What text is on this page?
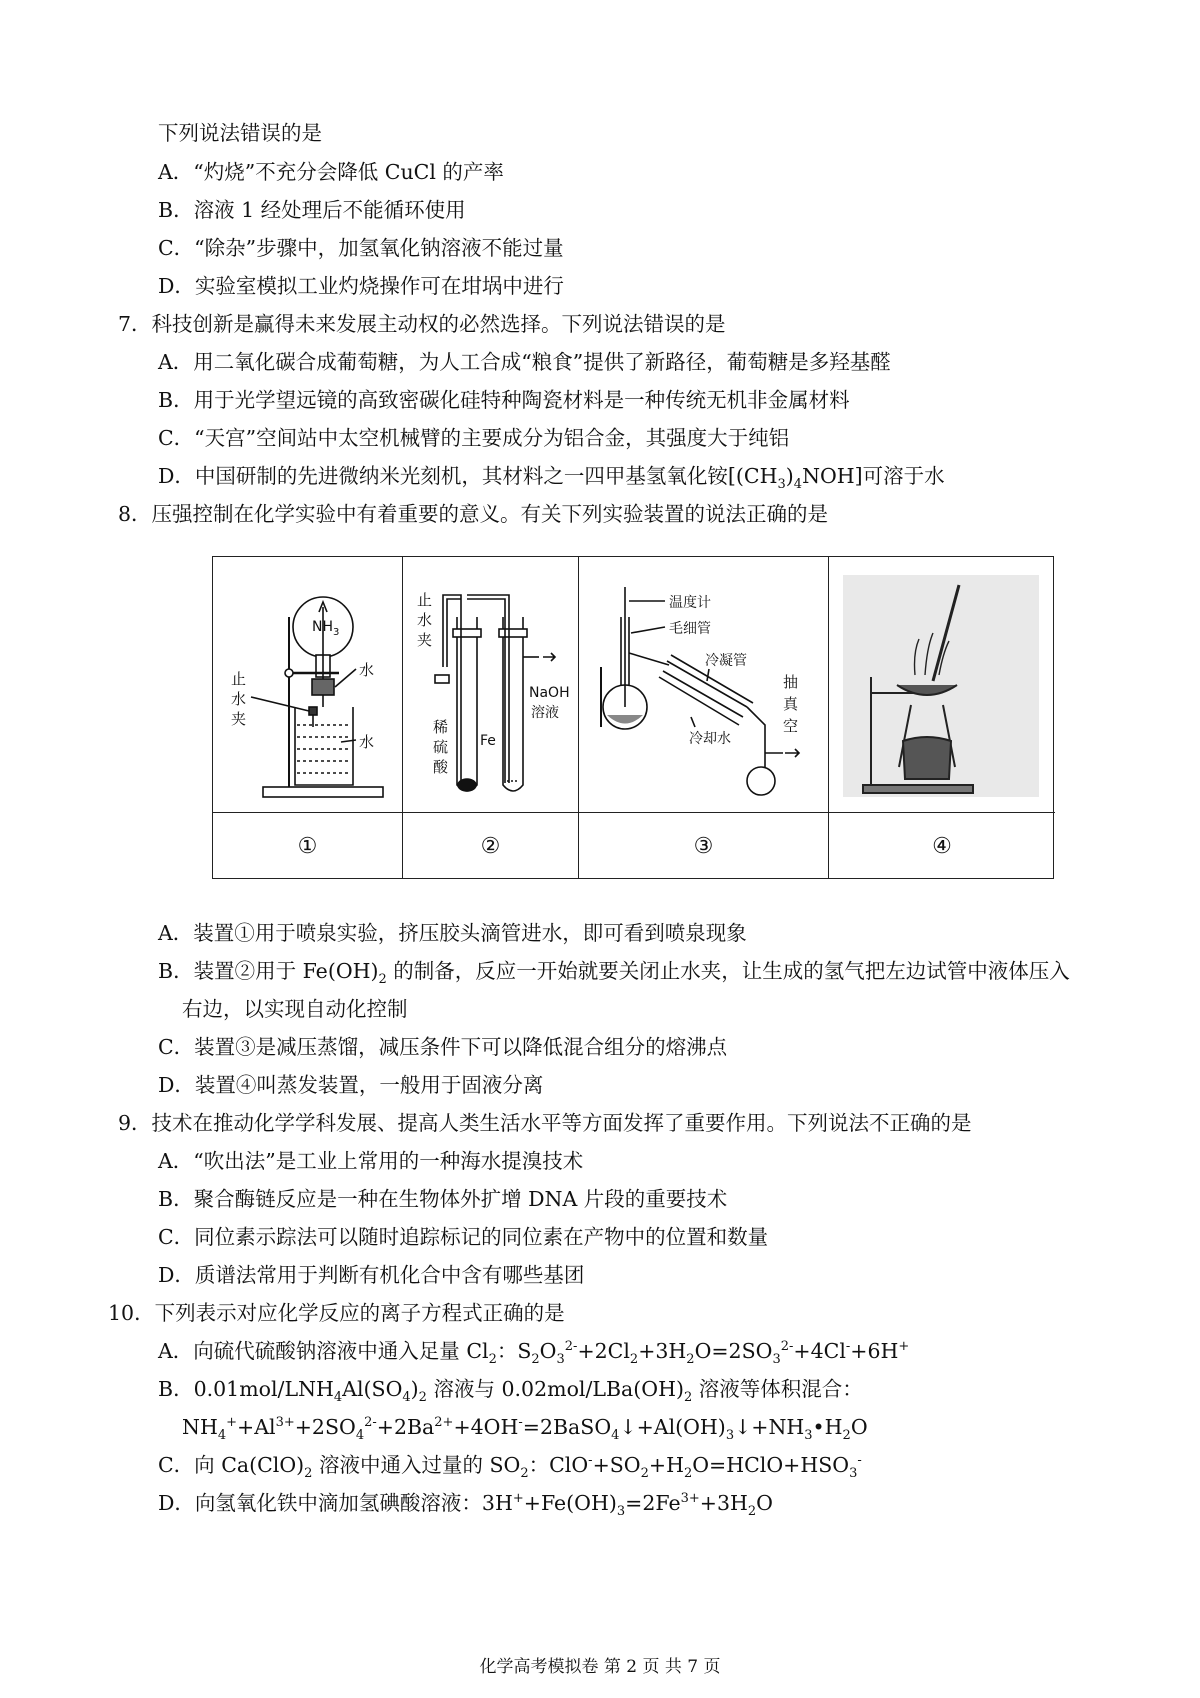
下列说法错误的是
A．“灼烧”不充分会降低 CuCl 的产率
B．溶液 1 经处理后不能循环使用
C．“除杂”步骤中，加氢氧化钠溶液不能过量
D．实验室模拟工业灼烧操作可在坩埚中进行
7．科技创新是赢得未来发展主动权的必然选择。下列说法错误的是
A．用二氧化碳合成葡萄糖，为人工合成“粮食”提供了新路径，葡萄糖是多羟基醛
B．用于光学望远镜的高致密碳化硅特种陶瓷材料是一种传统无机非金属材料
C．“天宫”空间站中太空机械臂的主要成分为铝合金，其强度大于纯铝
D．中国研制的先进微纳米光刻机，其材料之一四甲基氢氧化铵$[(CH_3)_4NOH]$可溶于水
8．压强控制在化学实验中有着重要的意义。有关下列实验装置的说法正确的是
$NH_3$
水
水
止
水
夹
①
止
水
夹
稀
硫
酸
Fe
NaOH
溶液
②
温度计
毛细管
冷凝管
冷却水
抽
真
空
③	④
A．装置①用于喷泉实验，挤压胶头滴管进水，即可看到喷泉现象
B．装置②用于 $Fe(OH)_2$ 的制备，反应一开始就要关闭止水夹，让生成的氢气把左边试管中液体压入
右边，以实现自动化控制
C．装置③是减压蒸馏，减压条件下可以降低混合组分的熔沸点
D．装置④叫蒸发装置，一般用于固液分离
9．技术在推动化学学科发展、提高人类生活水平等方面发挥了重要作用。下列说法不正确的是
A．“吹出法”是工业上常用的一种海水提溴技术
B．聚合酶链反应是一种在生物体外扩增 DNA 片段的重要技术
C．同位素示踪法可以随时追踪标记的同位素在产物中的位置和数量
D．质谱法常用于判断有机化合中含有哪些基团
10．下列表示对应化学反应的离子方程式正确的是
A．向硫代硫酸钠溶液中通入足量 $Cl_2$：$S_2O_3^{2-}+2Cl_2+3H_2O=2SO_3^{2-}+4Cl^-+6H^+$
B．$0.01mol/LNH_4Al(SO_4)_2$ 溶液与 $0.02mol/LBa(OH)_2$ 溶液等体积混合：
$NH_4^++Al^{3+}+2SO_4^{2-}+2Ba^{2+}+4OH^-=2BaSO_4↓+Al(OH)_3↓+NH_3•H_2O$
C．向 $Ca(ClO)_2$ 溶液中通入过量的 $SO_2$：$ClO^-+SO_2+H_2O=HClO+HSO_3^-$
D．向氢氧化铁中滴加氢碘酸溶液：$3H^++Fe(OH)_3=2Fe^{3+}+3H_2O$
化学高考模拟卷 第 2 页 共 7 页
